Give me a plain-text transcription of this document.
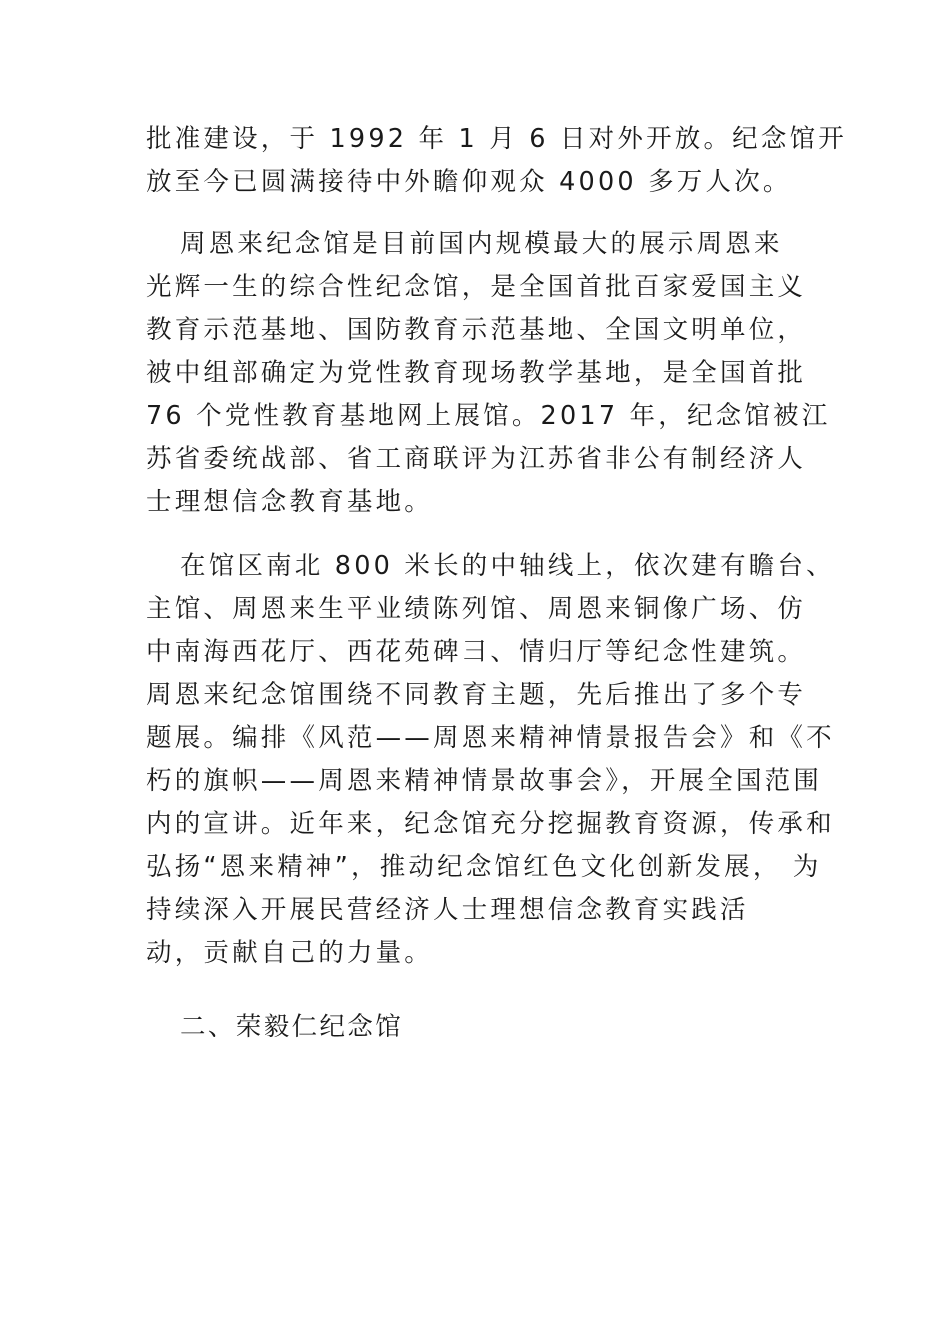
批准建设，于 1992 年 1 月 6 日对外开放。纪念馆开
放至今已圆满接待中外瞻仰观众 4000 多万人次。
周恩来纪念馆是目前国内规模最大的展示周恩来
光辉一生的综合性纪念馆，是全国首批百家爱国主义
教育示范基地、国防教育示范基地、全国文明单位，
被中组部确定为党性教育现场教学基地，是全国首批
76 个党性教育基地网上展馆。2017 年，纪念馆被江
苏省委统战部、省工商联评为江苏省非公有制经济人
士理想信念教育基地。
在馆区南北 800 米长的中轴线上，依次建有瞻台、
主馆、周恩来生平业绩陈列馆、周恩来铜像广场、仿
中南海西花厅、西花苑碑⺕、情归厅等纪念性建筑。
周恩来纪念馆围绕不同教育主题，先后推出了多个专
题展。编排《风范——周恩来精神情景报告会》和《不
朽的旗帜——周恩来精神情景故事会》，开展全国范围
内的宣讲。近年来，纪念馆充分挖掘教育资源，传承和
弘扬“恩来精神”，推动纪念馆红色文化创新发展， 为
持续深入开展民营经济人士理想信念教育实践活
动，贡献自己的力量。
二、荣毅仁纪念馆
